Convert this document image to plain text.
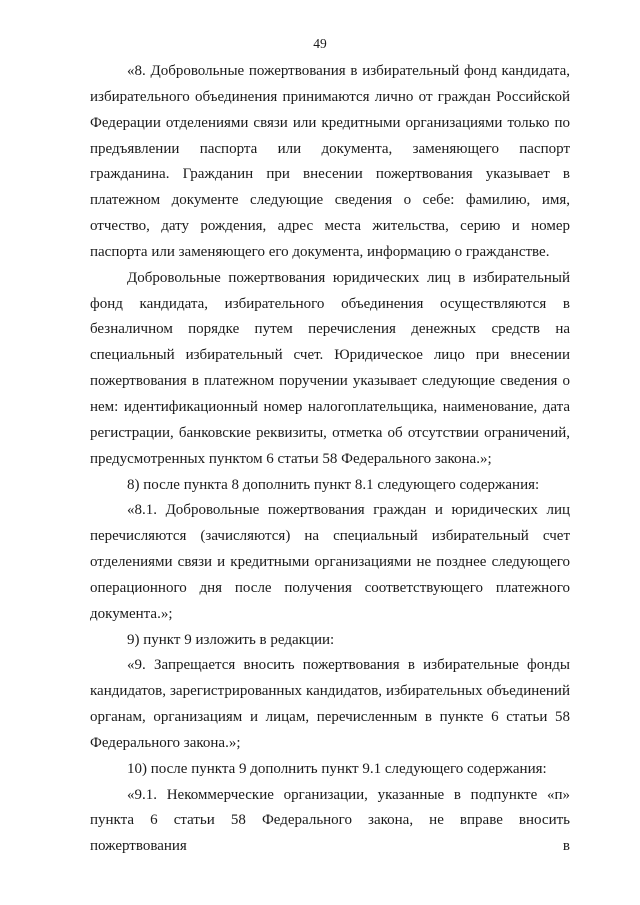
49

«8. Добровольные пожертвования в избирательный фонд кандидата, избирательного объединения принимаются лично от граждан Российской Федерации отделениями связи или кредитными организациями только по предъявлении паспорта или документа, заменяющего паспорт гражданина. Гражданин при внесении пожертвования указывает в платежном документе следующие сведения о себе: фамилию, имя, отчество, дату рождения, адрес места жительства, серию и номер паспорта или заменяющего его документа, информацию о гражданстве.

Добровольные пожертвования юридических лиц в избирательный фонд кандидата, избирательного объединения осуществляются в безналичном порядке путем перечисления денежных средств на специальный избирательный счет. Юридическое лицо при внесении пожертвования в платежном поручении указывает следующие сведения о нем: идентификационный номер налогоплательщика, наименование, дата регистрации, банковские реквизиты, отметка об отсутствии ограничений, предусмотренных пунктом 6 статьи 58 Федерального закона.»;

8) после пункта 8 дополнить пункт 8.1 следующего содержания:

«8.1. Добровольные пожертвования граждан и юридических лиц перечисляются (зачисляются) на специальный избирательный счет отделениями связи и кредитными организациями не позднее следующего операционного дня после получения соответствующего платежного документа.»;

9) пункт 9 изложить в редакции:

«9. Запрещается вносить пожертвования в избирательные фонды кандидатов, зарегистрированных кандидатов, избирательных объединений органам, организациям и лицам, перечисленным в пункте 6 статьи 58 Федерального закона.»;

10) после пункта 9 дополнить пункт 9.1 следующего содержания:

«9.1. Некоммерческие организации, указанные в подпункте «п» пункта 6 статьи 58 Федерального закона, не вправе вносить пожертвования в
